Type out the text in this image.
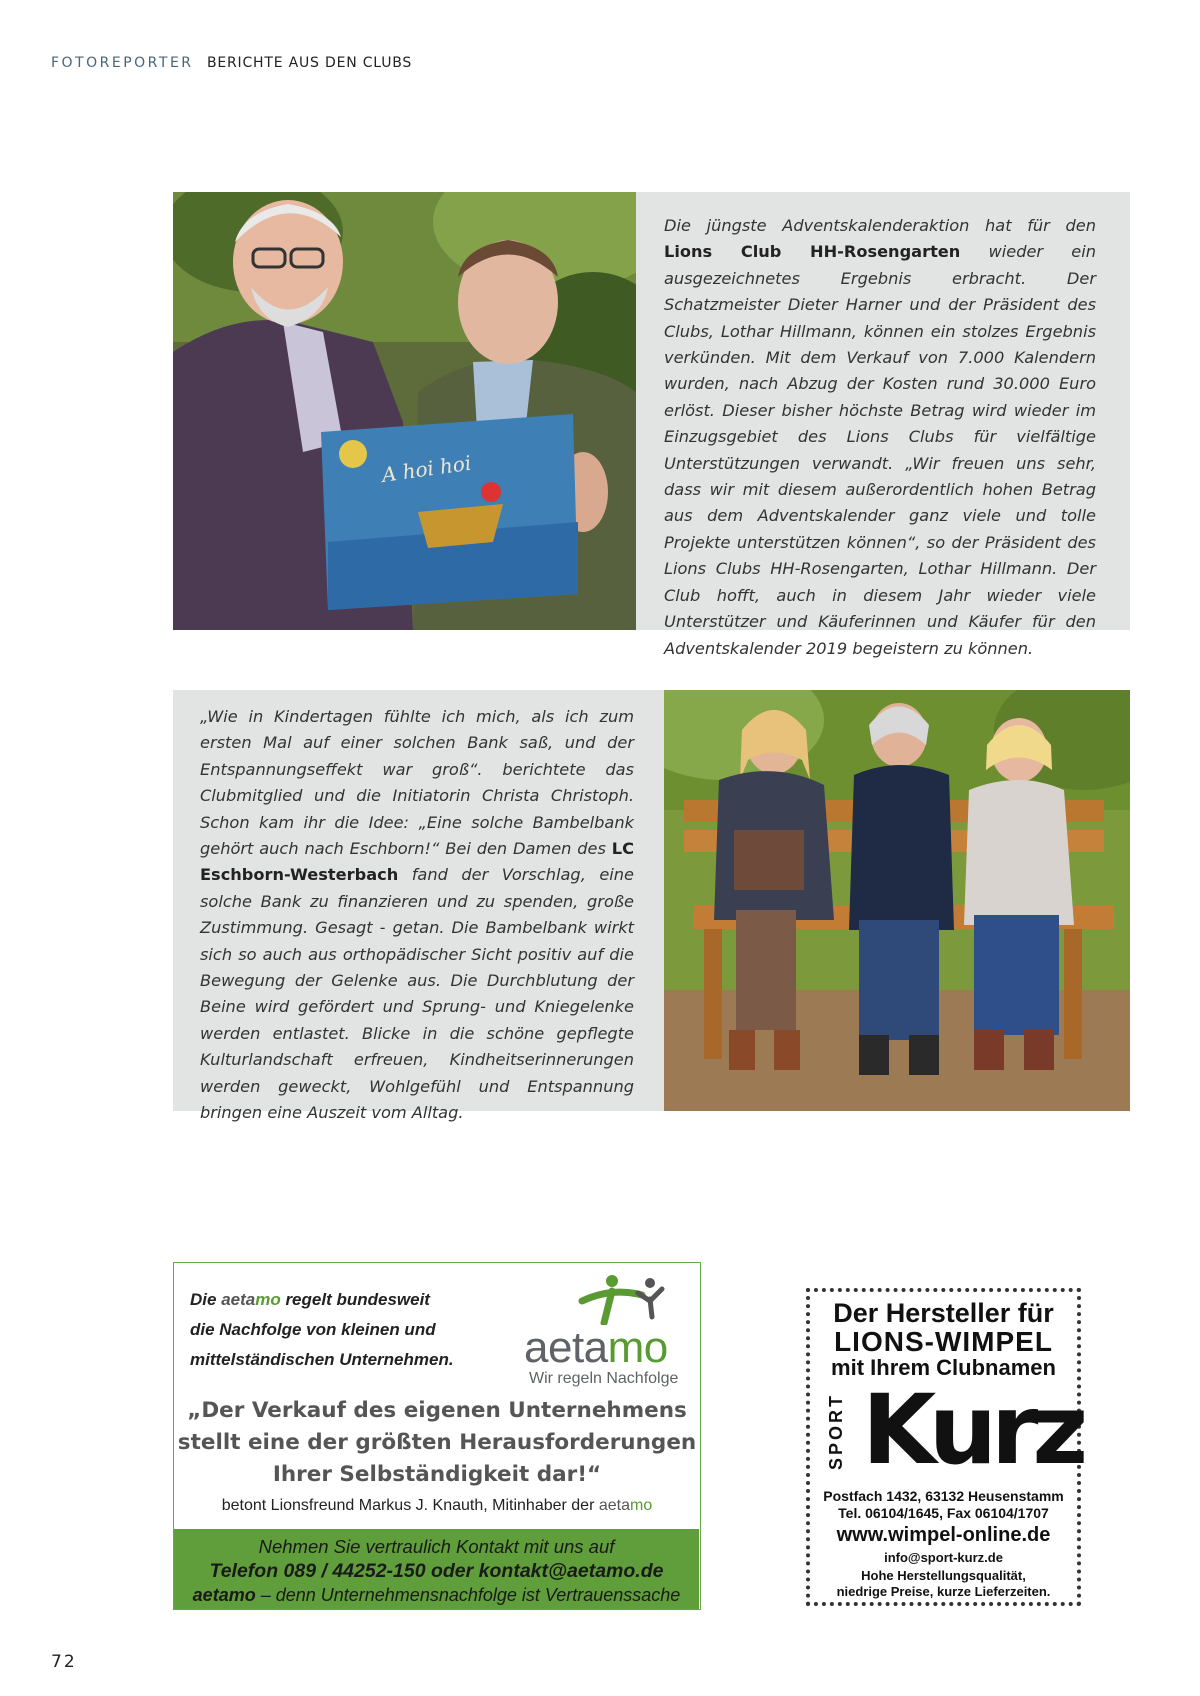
FOTOREPORTER BERICHTE AUS DEN CLUBS
A hoi hoi
Die jüngste Adventskalenderaktion hat für den Lions Club HH-Rosengarten wieder ein ausgezeichnetes Ergebnis erbracht. Der Schatzmeister Dieter Harner und der Präsident des Clubs, Lothar Hillmann, können ein stolzes Ergebnis verkünden. Mit dem Verkauf von 7.000 Kalendern wurden, nach Abzug der Kosten rund 30.000 Euro erlöst. Dieser bisher höchste Betrag wird wieder im Einzugsgebiet des Lions Clubs für vielfältige Unterstützungen verwandt. „Wir freuen uns sehr, dass wir mit diesem außerordentlich hohen Betrag aus dem Adventskalender ganz viele und tolle Projekte unterstützen können“, so der Präsident des Lions Clubs HH-Rosengarten, Lothar Hillmann. Der Club hofft, auch in diesem Jahr wieder viele Unterstützer und Käuferinnen und Käufer für den Adventskalender 2019 begeistern zu können.
„Wie in Kindertagen fühlte ich mich, als ich zum ersten Mal auf einer solchen Bank saß, und der Entspannungseffekt war groß“. berichtete das Clubmitglied und die Initiatorin Christa Christoph. Schon kam ihr die Idee: „Eine solche Bambelbank gehört auch nach Eschborn!“ Bei den Damen des LC Eschborn-Westerbach fand der Vorschlag, eine solche Bank zu finanzieren und zu spenden, große Zustimmung. Gesagt - getan. Die Bambelbank wirkt sich so auch aus orthopädischer Sicht positiv auf die Bewegung der Gelenke aus. Die Durchblutung der Beine wird gefördert und Sprung- und Kniegelenke werden entlastet. Blicke in die schöne gepflegte Kulturlandschaft erfreuen, Kindheitserinnerungen werden geweckt, Wohlgefühl und Entspannung bringen eine Auszeit vom Alltag.
Die aetamo regelt bundesweit
die Nachfolge von kleinen und
mittelständischen Unternehmen. aetamo
Wir regeln Nachfolge
„Der Verkauf des eigenen Unternehmens
stellt eine der größten Herausforderungen
Ihrer Selbständigkeit dar!“
betont Lionsfreund Markus J. Knauth, Mitinhaber der aetamo
Nehmen Sie vertraulich Kontakt mit uns auf
Telefon 089 / 44252-150 oder kontakt@aetamo.de
aetamo – denn Unternehmensnachfolge ist Vertrauenssache
Der Hersteller für
LIONS-WIMPEL
mit Ihrem Clubnamen
SPORT Kurz
Postfach 1432, 63132 Heusenstamm
Tel. 06104/1645, Fax 06104/1707
www.wimpel-online.de
info@sport-kurz.de
Hohe Herstellungsqualität,
niedrige Preise, kurze Lieferzeiten.
72
